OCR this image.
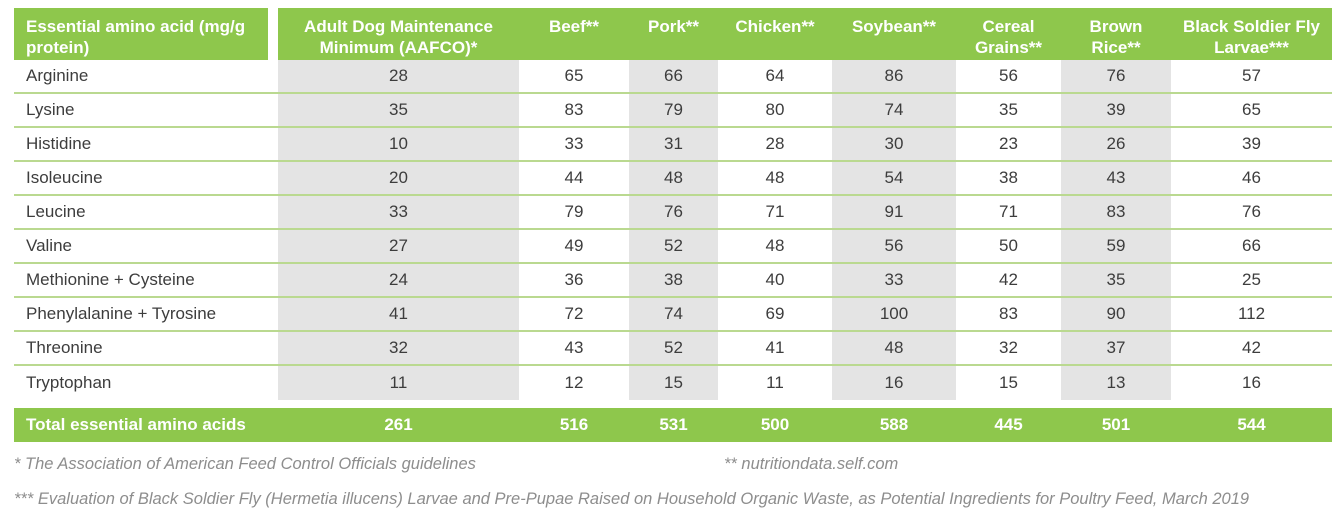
Essential amino acid (mg/g protein)	Adult Dog Maintenance Minimum (AAFCO)*	Beef**	Pork**	Chicken**	Soybean**	Cereal Grains**	Brown Rice**	Black Soldier Fly Larvae***
Arginine	28	65	66	64	86	56	76	57
Lysine	35	83	79	80	74	35	39	65
Histidine	10	33	31	28	30	23	26	39
Isoleucine	20	44	48	48	54	38	43	46
Leucine	33	79	76	71	91	71	83	76
Valine	27	49	52	48	56	50	59	66
Methionine + Cysteine	24	36	38	40	33	42	35	25
Phenylalanine + Tyrosine	41	72	74	69	100	83	90	112
Threonine	32	43	52	41	48	32	37	42
Tryptophan	11	12	15	11	16	15	13	16
Total essential amino acids	261	516	531	500	588	445	501	544
* The Association of American Feed Control Officials guidelines	** nutritiondata.self.com
*** Evaluation of Black Soldier Fly (Hermetia illucens) Larvae and Pre-Pupae Raised on Household Organic Waste, as Potential Ingredients for Poultry Feed, March 2019
